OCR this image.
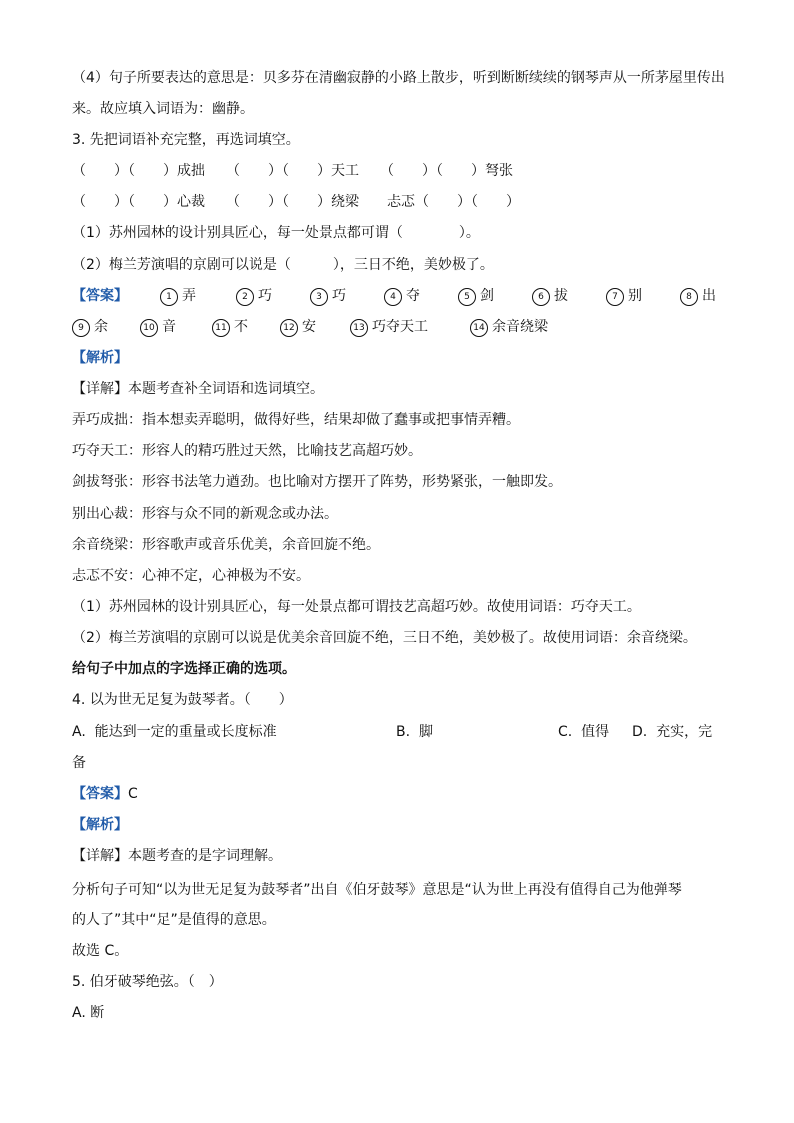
（4）句子所要表达的意思是：贝多芬在清幽寂静的小路上散步，听到断断续续的钢琴声从一所茅屋里传出
来。故应填入词语为：幽静。
3. 先把词语补充完整，再选词填空。
（　　）（　　）成拙　　（　　）（　　）天工　　（　　）（　　）弩张
（　　）（　　）心裁　　（　　）（　　）绕梁　　忐忑（　　）（　　）
（1）苏州园林的设计别具匠心，每一处景点都可谓（　　　　）。
（2）梅兰芳演唱的京剧可以说是（　　　），三日不绝，美妙极了。
【答案】	1 弄	2 巧	3 巧	4 夺	5 剑	6 拔	7 别	8 出
9 余	10 音	11 不	12 安	13 巧夺天工	14 余音绕梁
【解析】
【详解】本题考查补全词语和选词填空。
弄巧成拙：指本想卖弄聪明，做得好些，结果却做了蠢事或把事情弄糟。
巧夺天工：形容人的精巧胜过天然，比喻技艺高超巧妙。
剑拔弩张：形容书法笔力遒劲。也比喻对方摆开了阵势，形势紧张，一触即发。
别出心裁：形容与众不同的新观念或办法。
余音绕梁：形容歌声或音乐优美，余音回旋不绝。
忐忑不安：心神不定，心神极为不安。
（1）苏州园林的设计别具匠心，每一处景点都可谓技艺高超巧妙。故使用词语：巧夺天工。
（2）梅兰芳演唱的京剧可以说是优美余音回旋不绝，三日不绝，美妙极了。故使用词语：余音绕梁。
给句子中加点的字选择正确的选项。
4. 以为世无足复为鼓琴者。（　　）
A.  能达到一定的重量或长度标准	B.  脚	C.  值得 D.  充实，完
备
【答案】C
【解析】
【详解】本题考查的是字词理解。
分析句子可知“以为世无足复为鼓琴者”出自《伯牙鼓琴》意思是“认为世上再没有值得自己为他弹琴
的人了”其中“足”是值得的意思。
故选 C。
5. 伯牙破琴绝弦。（　）
A. 断
